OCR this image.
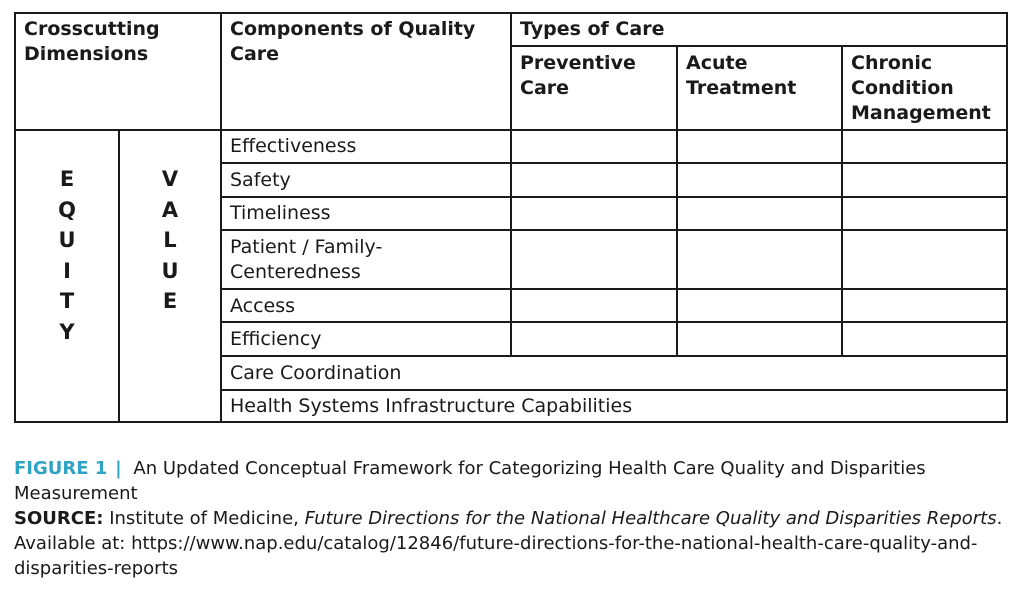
Crosscutting
Dimensions
Components of Quality
Care
Types of Care
Preventive
Care
Acute
Treatment
Chronic
Condition
Management
E
Q
U
I
T
Y
V
A
L
U
E
Effectiveness
Safety
Timeliness
Patient / Family-
Centeredness
Access
Efficiency
Care Coordination
Health Systems Infrastructure Capabilities
FIGURE 1 | An Updated Conceptual Framework for Categorizing Health Care Quality and Disparities Measurement
SOURCE: Institute of Medicine, Future Directions for the National Healthcare Quality and Disparities Reports. Available at: https://www.nap.edu/catalog/12846/future-directions-for-the-national-health-care-quality-and-disparities-reports
